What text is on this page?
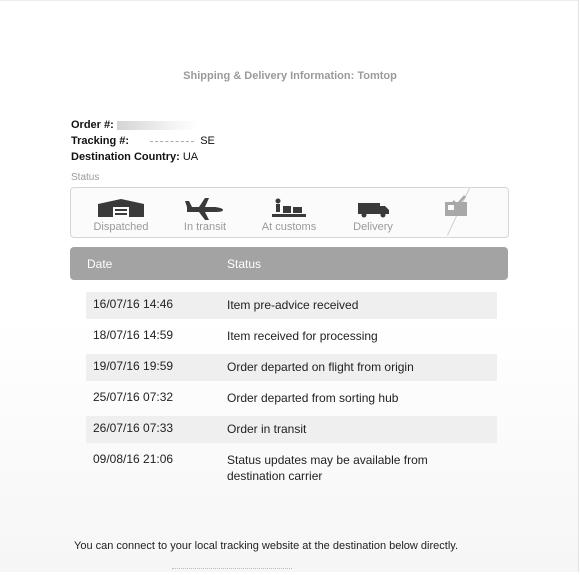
Shipping & Delivery Information: Tomtop
Order #:
Tracking #:	SE
Destination Country: UA
Status
Dispatched	In transit	At customs	Delivery
Date	Status
16/07/16 14:46	Item pre-advice received
18/07/16 14:59	Item received for processing
19/07/16 19:59	Order departed on flight from origin
25/07/16 07:32	Order departed from sorting hub
26/07/16 07:33	Order in transit
09/08/16 21:06	Status updates may be available from destination carrier
You can connect to your local tracking website at the destination below directly.
